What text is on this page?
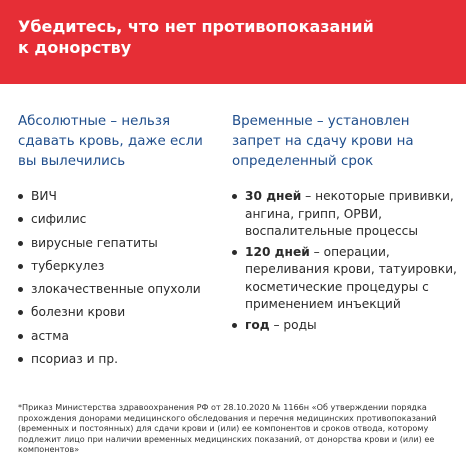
Убедитесь, что нет противопоказаний к донорству
Абсолютные – нельзя сдавать кровь, даже если вы вылечились
ВИЧ
сифилис
вирусные гепатиты
туберкулез
злокачественные опухоли
болезни крови
астма
псориаз и пр.
Временные – установлен запрет на сдачу крови на определенный срок
30 дней – некоторые прививки, ангина, грипп, ОРВИ, воспалительные процессы
120 дней – операции, переливания крови, татуировки, косметические процедуры с применением инъекций
год – роды

*Приказ Министерства здравоохранения РФ от 28.10.2020 № 1166н «Об утверждении порядка прохождения донорами медицинского обследования и перечня медицинских противопоказаний (временных и постоянных) для сдачи крови и (или) ее компонентов и сроков отвода, которому подлежит лицо при наличии временных медицинских показаний, от донорства крови и (или) ее компонентов»
